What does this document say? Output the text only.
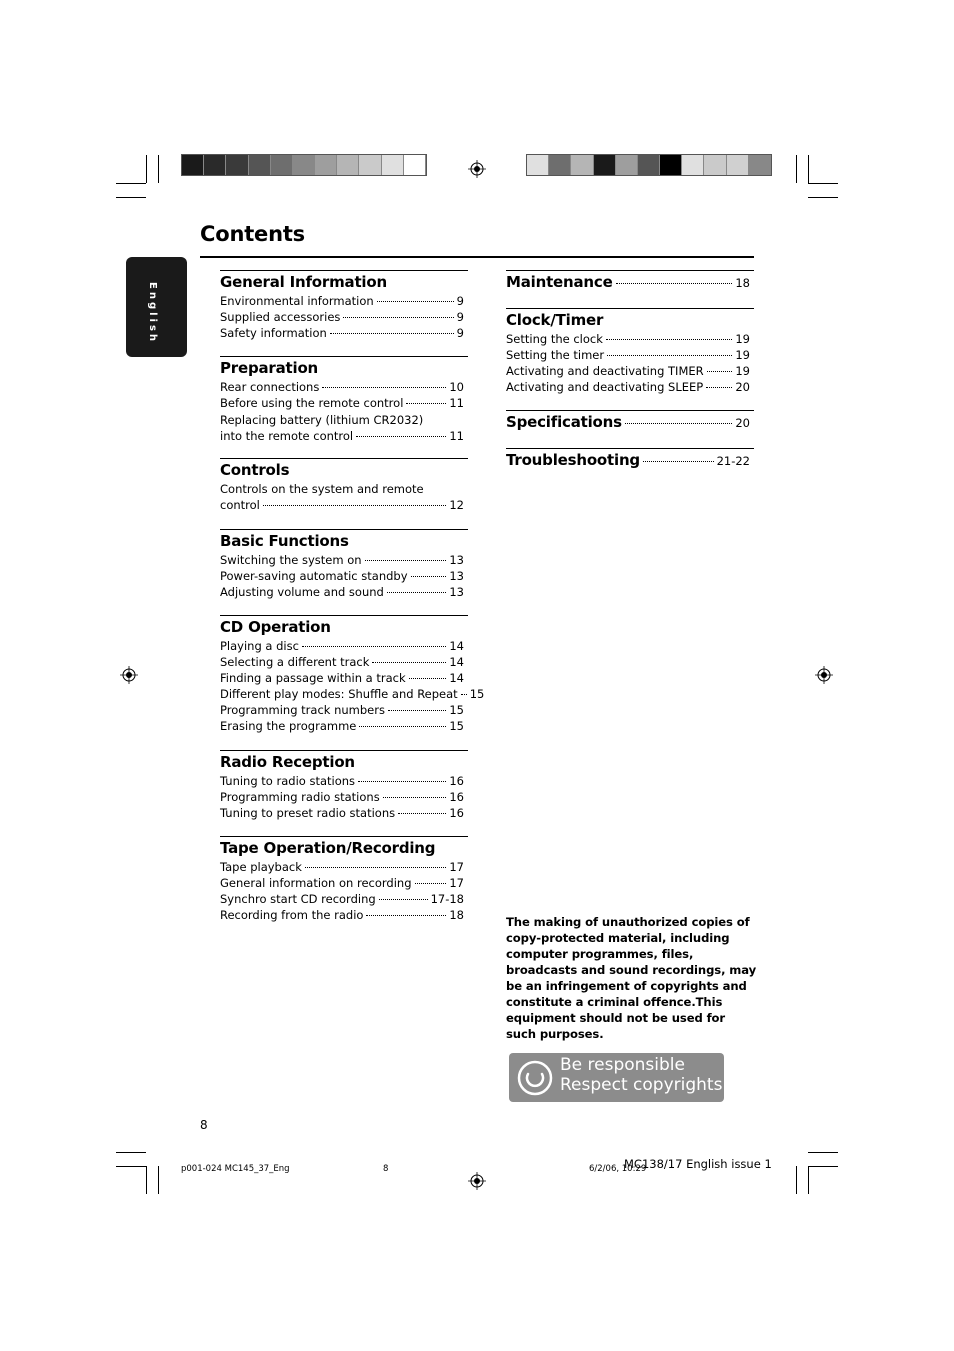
English
Contents
General Information
Environmental information	9
Supplied accessories	9
Safety information	9
Preparation
Rear connections	10
Before using the remote control	11
Replacing battery (lithium CR2032)
into the remote control	11
Controls
Controls on the system and remote
control	12
Basic Functions
Switching the system on	13
Power-saving automatic standby	13
Adjusting volume and sound	13
CD Operation
Playing a disc	14
Selecting a different track	14
Finding a passage within a track	14
Different play modes: Shuffle and Repeat 15
Programming track numbers	15
Erasing the programme	15
Radio Reception
Tuning to radio stations	16
Programming radio stations	16
Tuning to preset radio stations	16
Tape Operation/Recording
Tape playback	17
General information on recording	17
Synchro start CD recording	17-18
Recording from the radio	18
Maintenance	18
Clock/Timer
Setting the clock	19
Setting the timer	19
Activating and deactivating TIMER	19
Activating and deactivating SLEEP	20
Specifications	20
Troubleshooting	21-22
The making of unauthorized copies of copy-protected material, including computer programmes, files, broadcasts and sound recordings, may be an infringement of copyrights and constitute a criminal offence.This equipment should not be used for such purposes.
Be responsible
Respect copyrights
8
MC138/17 English issue 1
p001-024 MC145_37_Eng	8	6/2/06, 10:29
